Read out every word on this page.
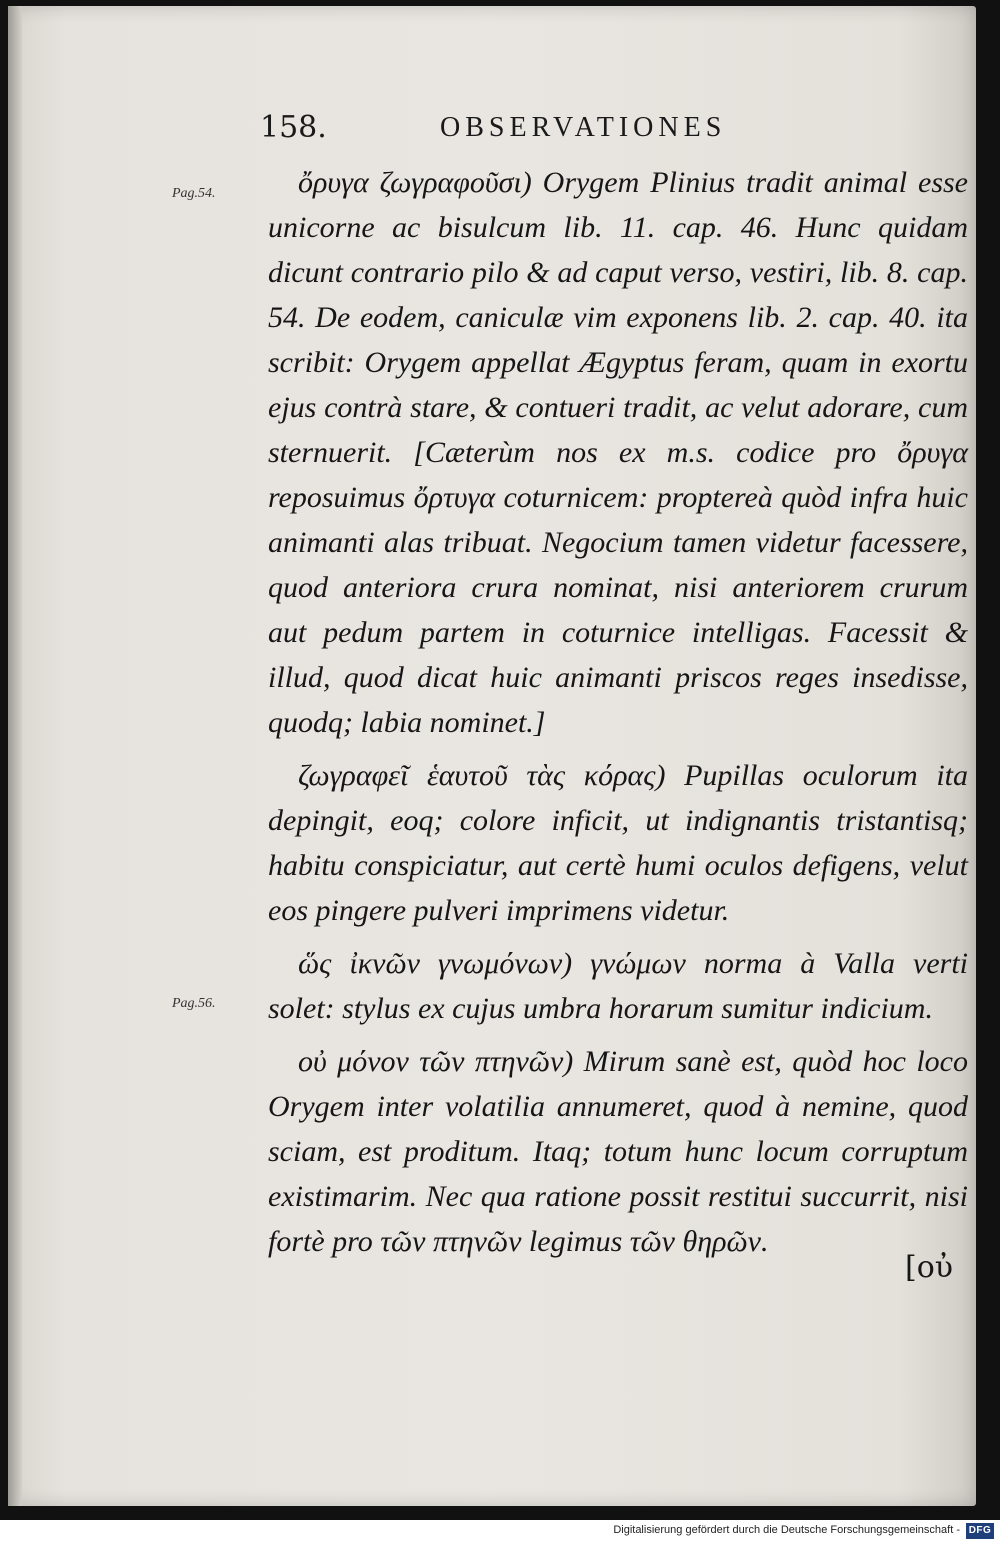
158.	OBSERVATIONES
Pag.54.
Pag.56.

ὄρυγα ζωγραφοῦσι) Orygem Plinius tradit animal esse unicorne ac bisulcum lib. 11. cap. 46. Hunc quidam dicunt contrario pilo & ad caput verso, vestiri, lib. 8. cap. 54. De eodem, caniculæ vim exponens lib. 2. cap. 40. ita scribit: Orygem appellat Ægyptus feram, quam in exortu ejus contrà stare, & contueri tradit, ac velut adorare, cum sternuerit. [Cæterùm nos ex m.s. codice pro ὄρυγα reposuimus ὄρτυγα coturnicem: proptereà quòd infra huic animanti alas tribuat. Negocium tamen videtur facessere, quod anteriora crura nominat, nisi anteriorem crurum aut pedum partem in coturnice intelligas. Facessit & illud, quod dicat huic animanti priscos reges insedisse, quodq; labia nominet.]

ζωγραφεῖ ἑαυτοῦ τὰς κόρας) Pupillas oculorum ita depingit, eoq; colore inficit, ut indignantis tristantisq; habitu conspiciatur, aut certè humi oculos defigens, velut eos pingere pulveri imprimens videtur.

ὥς ἰκνῶν γνωμόνων) γνώμων norma à Valla verti solet: stylus ex cujus umbra horarum sumitur indicium.

οὐ μόνον τῶν πτηνῶν) Mirum sanè est, quòd hoc loco Orygem inter volatilia annumeret, quod à nemine, quod sciam, est proditum. Itaq; totum hunc locum corruptum existimarim. Nec qua ratione possit restitui succurrit, nisi fortè pro τῶν πτηνῶν legimus τῶν θηρῶν.

[οὐ
Digitalisierung gefördert durch die Deutsche Forschungsgemeinschaft - DFG
